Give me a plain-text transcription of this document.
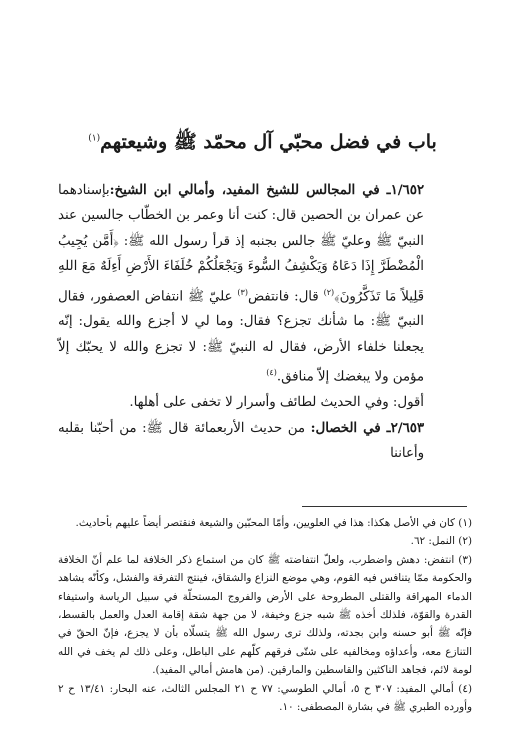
باب في فضل محبّي آل محمّد ﷺ وشيعتهم$^{(١)}$

١/٦٥٢ـ في المجالس للشيخ المفيد، وأمالي ابن الشيخ:بإسنادهما عن عمران بن الحصين قال: كنت أنا وعمر بن الخطّاب جالسين عند النبيّ ﷺ وعليّ ﷺ جالس بجنبه إذ قرأ رسول الله ﷺ: ﴿أَمَّن يُجِيبُ الْمُضْطَرَّ إِذَا دَعَاهُ وَيَكْشِفُ السُّوءَ وَيَجْعَلُكُمْ خُلَفَاءَ الأَرْضِ أَءِلَهٌ مَعَ اللهِ قَلِيلاً مَا تَذَكَّرُونَ﴾$^{(٢)}$ قال: فانتفض$^{(٣)}$ عليّ ﷺ انتفاض العصفور، فقال النبيّ ﷺ: ما شأنك تجزع؟ فقال: وما لي لا أجزع والله يقول: إنّه يجعلنا خلفاء الأرض، فقال له النبيّ ﷺ: لا تجزع والله لا يحبّك إلاّ مؤمن ولا يبغضك إلاّ منافق.$^{(٤)}$

أقول: وفي الحديث لطائف وأسرار لا تخفى على أهلها.

٢/٦٥٣ـ في الخصال: من حديث الأربعمائة قال ﷺ: من أحبّنا بقلبه وأعاننا

(١) كان في الأصل هكذا: هذا في العلويين، وأمّا المحبّين والشيعة فنقتصر أيضاً عليهم بأحاديث.

(٢) النمل: ٦٢.

(٣) انتفض: دهش واضطرب، ولعلّ انتفاضته ﷺ كان من استماع ذكر الخلافة لما علم أنّ الخلافة والحكومة ممّا يتنافس فيه القوم، وهي موضع النزاع والشقاق، فينتج التفرقة والفشل، وكأنّه يشاهد الدماء المهراقة والقتلى المطروحة على الأرض والفروج المستحلّة في سبيل الرياسة واستيفاء القدرة والقوّة، فلذلك أخذه ﷺ شبه جزع وخيفة، لا من جهة شقة إقامة العدل والعمل بالقسط، فإنّه ﷺ أبو حسنه وابن بجدته، ولذلك ترى رسول الله ﷺ يتسلّاه بأن لا يجزع، فإنّ الحقّ في التنازع معه، وأعداؤه ومخالفيه على شتّى فرقهم كلّهم على الباطل، وعلى ذلك لم يخف في الله لومة لائم، فجاهد الناكثين والقاسطين والمارقين. (من هامش أمالي المفيد).

(٤) أمالي المفيد: ٣٠٧ ح ٥، أمالي الطوسي: ٧٧ ح ٢١ المجلس الثالث، عنه البحار: ١٣/٤١ ح ٢ وأورده الطبري ﷺ في بشارة المصطفى: ١٠.
